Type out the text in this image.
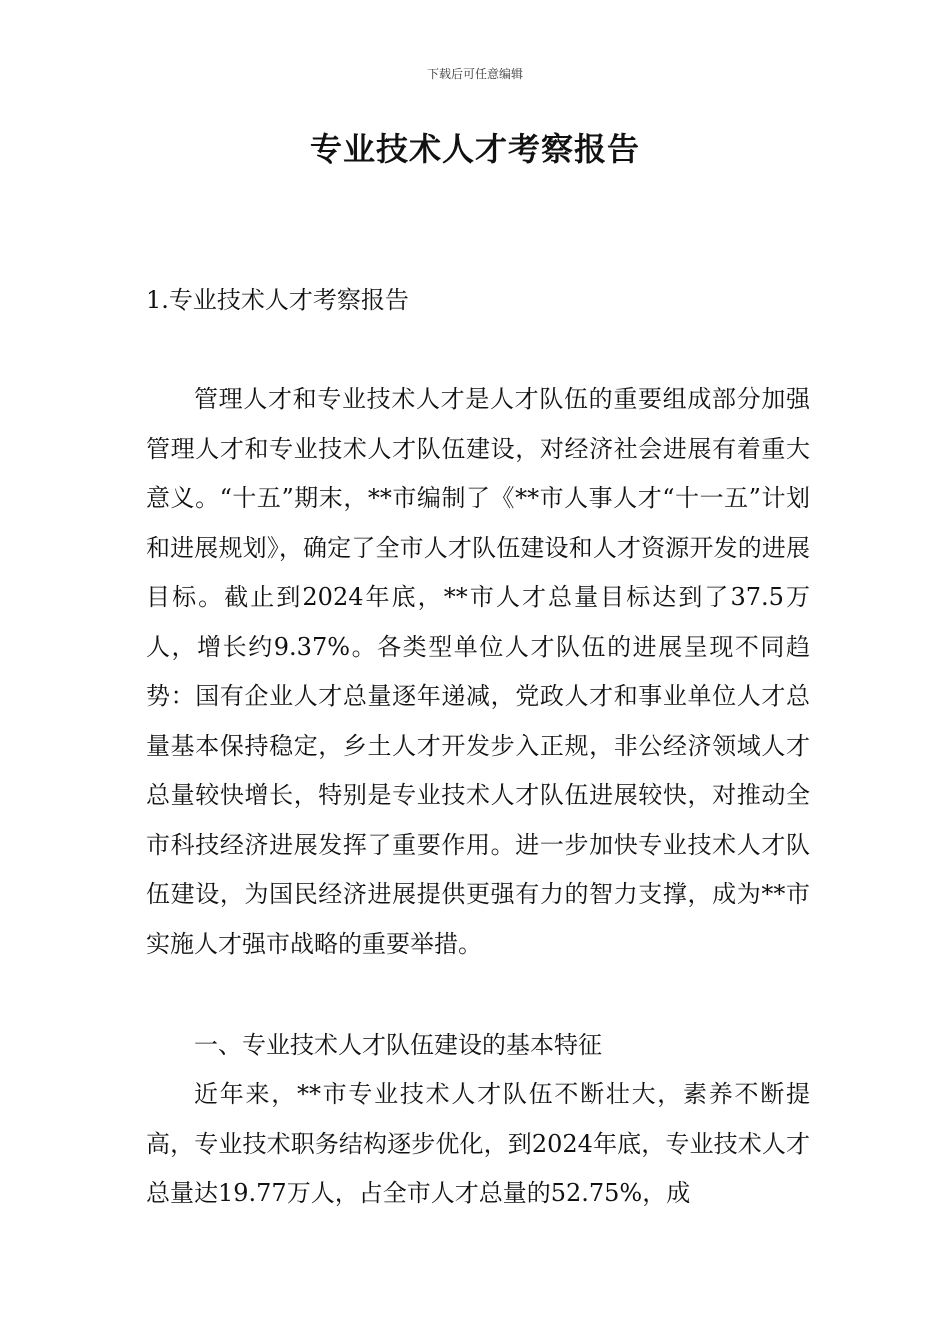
下载后可任意编辑
专业技术人才考察报告
1.专业技术人才考察报告

管理人才和专业技术人才是人才队伍的重要组成部分加强管理人才和专业技术人才队伍建设，对经济社会进展有着重大意义。“十五”期末，**市编制了《**市人事人才“十一五”计划和进展规划》，确定了全市人才队伍建设和人才资源开发的进展目标。截止到2024年底，**市人才总量目标达到了37.5万人，增长约9.37%。各类型单位人才队伍的进展呈现不同趋势：国有企业人才总量逐年递减，党政人才和事业单位人才总量基本保持稳定，乡土人才开发步入正规，非公经济领域人才总量较快增长，特别是专业技术人才队伍进展较快，对推动全市科技经济进展发挥了重要作用。进一步加快专业技术人才队伍建设，为国民经济进展提供更强有力的智力支撑，成为**市实施人才强市战略的重要举措。

一、专业技术人才队伍建设的基本特征

近年来，**市专业技术人才队伍不断壮大，素养不断提高，专业技术职务结构逐步优化，到2024年底，专业技术人才总量达19.77万人，占全市人才总量的52.75%，成
